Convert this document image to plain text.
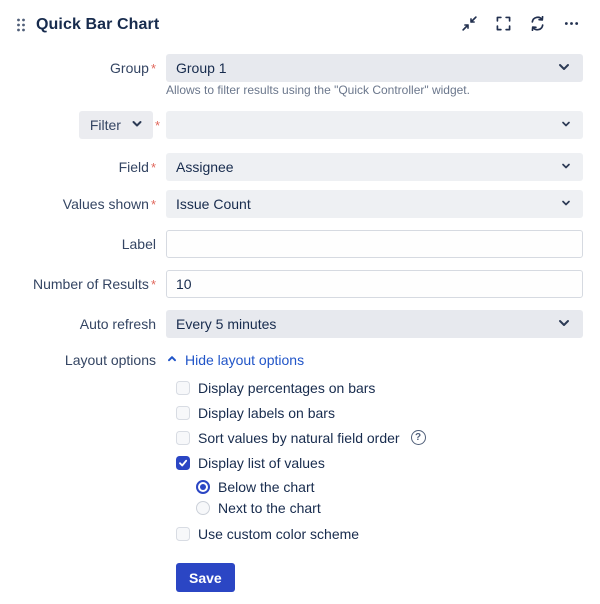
Quick Bar Chart
Group * Group 1
Allows to filter results using the "Quick Controller" widget.
Filter	*
Field * Assignee
Values shown * Issue Count
Label
Number of Results *
10
Auto refresh Every 5 minutes
Layout options Hide layout options
Display percentages on bars
Display labels on bars
Sort values by natural field order	?
Display list of values
Below the chart
Next to the chart
Use custom color scheme
Save
